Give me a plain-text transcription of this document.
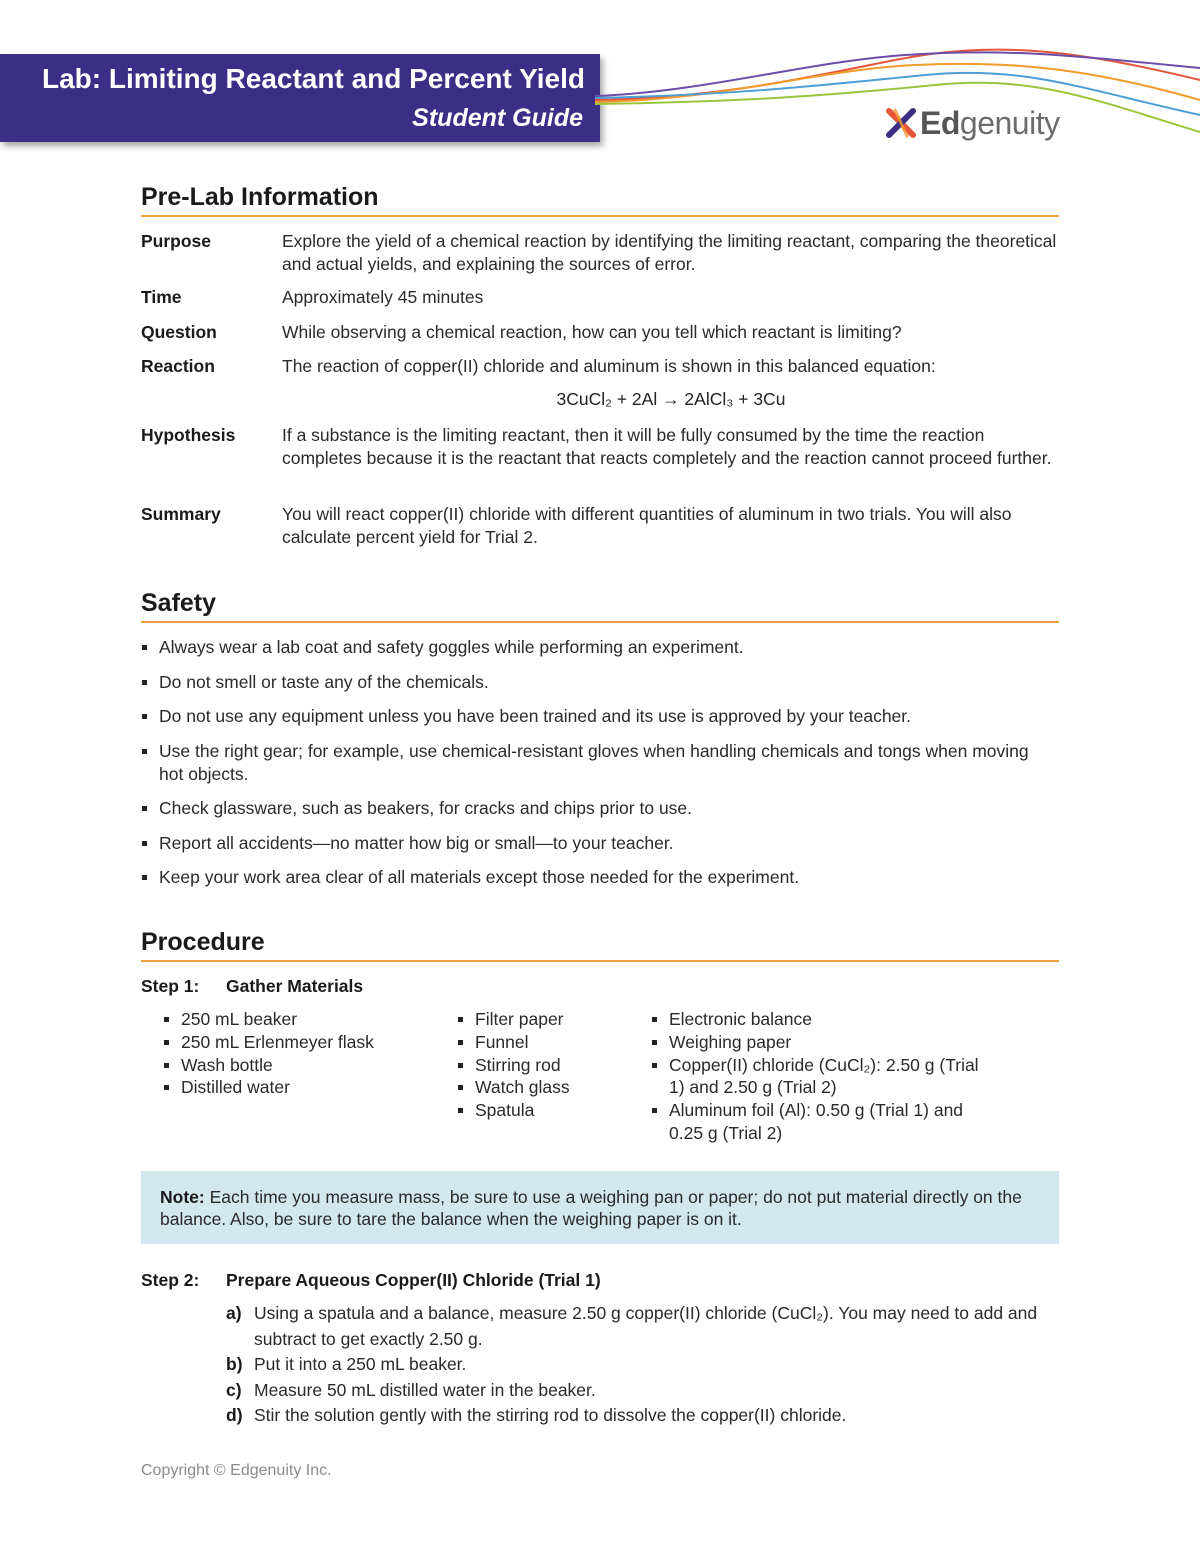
Lab: Limiting Reactant and Percent Yield
Student Guide	Edgenuity
Pre-Lab Information
Purpose	Explore the yield of a chemical reaction by identifying the limiting reactant, comparing the theoretical and actual yields, and explaining the sources of error.
Time	Approximately 45 minutes
Question	While observing a chemical reaction, how can you tell which reactant is limiting?
Reaction	The reaction of copper(II) chloride and aluminum is shown in this balanced equation:
3CuCl₂ + 2Al → 2AlCl₃ + 3Cu
Hypothesis	If a substance is the limiting reactant, then it will be fully consumed by the time the reaction completes because it is the reactant that reacts completely and the reaction cannot proceed further.
Summary	You will react copper(II) chloride with different quantities of aluminum in two trials. You will also calculate percent yield for Trial 2.
Safety
Always wear a lab coat and safety goggles while performing an experiment.
Do not smell or taste any of the chemicals.
Do not use any equipment unless you have been trained and its use is approved by your teacher.
Use the right gear; for example, use chemical-resistant gloves when handling chemicals and tongs when moving hot objects.
Check glassware, such as beakers, for cracks and chips prior to use.
Report all accidents—no matter how big or small—to your teacher.
Keep your work area clear of all materials except those needed for the experiment.
Procedure
Step 1: Gather Materials
250 mL beaker
250 mL Erlenmeyer flask
Wash bottle
Distilled water
Filter paper
Funnel
Stirring rod
Watch glass
Spatula
Electronic balance
Weighing paper
Copper(II) chloride (CuCl₂): 2.50 g (Trial 1) and 2.50 g (Trial 2)
Aluminum foil (Al): 0.50 g (Trial 1) and 0.25 g (Trial 2)
Note: Each time you measure mass, be sure to use a weighing pan or paper; do not put material directly on the balance. Also, be sure to tare the balance when the weighing paper is on it.
Step 2: Prepare Aqueous Copper(II) Chloride (Trial 1)
a) Using a spatula and a balance, measure 2.50 g copper(II) chloride (CuCl₂). You may need to add and subtract to get exactly 2.50 g.
b) Put it into a 250 mL beaker.
c) Measure 50 mL distilled water in the beaker.
d) Stir the solution gently with the stirring rod to dissolve the copper(II) chloride.
Copyright © Edgenuity Inc.
